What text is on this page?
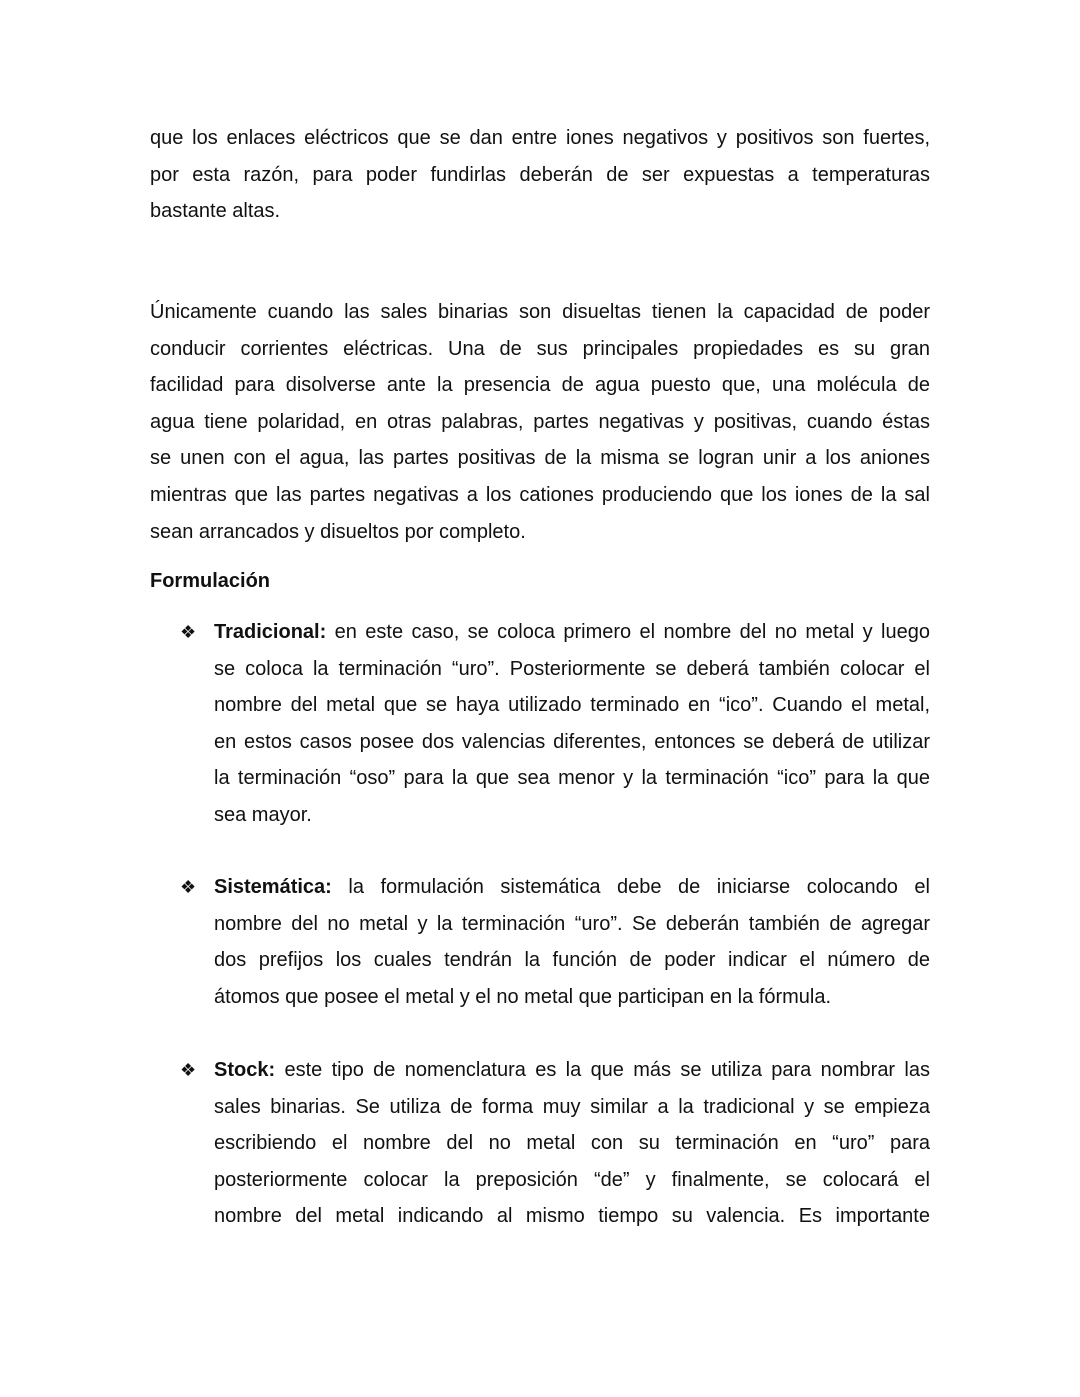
que los enlaces eléctricos que se dan entre iones negativos y positivos son fuertes,
por esta razón, para poder fundirlas deberán de ser expuestas a temperaturas
bastante altas.
Únicamente cuando las sales binarias son disueltas tienen la capacidad de poder
conducir corrientes eléctricas. Una de sus principales propiedades es su gran
facilidad para disolverse ante la presencia de agua puesto que, una molécula de
agua tiene polaridad, en otras palabras, partes negativas y positivas, cuando éstas
se unen con el agua, las partes positivas de la misma se logran unir a los aniones
mientras que las partes negativas a los cationes produciendo que los iones de la sal
sean arrancados y disueltos por completo.
Formulación
❖ Tradicional: en este caso, se coloca primero el nombre del no metal y luego
se coloca la terminación “uro”. Posteriormente se deberá también colocar el
nombre del metal que se haya utilizado terminado en “ico”. Cuando el metal,
en estos casos posee dos valencias diferentes, entonces se deberá de utilizar
la terminación “oso” para la que sea menor y la terminación “ico” para la que
sea mayor.
❖ Sistemática: la formulación sistemática debe de iniciarse colocando el
nombre del no metal y la terminación “uro”. Se deberán también de agregar
dos prefijos los cuales tendrán la función de poder indicar el número de
átomos que posee el metal y el no metal que participan en la fórmula.
❖ Stock: este tipo de nomenclatura es la que más se utiliza para nombrar las
sales binarias. Se utiliza de forma muy similar a la tradicional y se empieza
escribiendo el nombre del no metal con su terminación en “uro” para
posteriormente colocar la preposición “de” y finalmente, se colocará el
nombre del metal indicando al mismo tiempo su valencia. Es importante
